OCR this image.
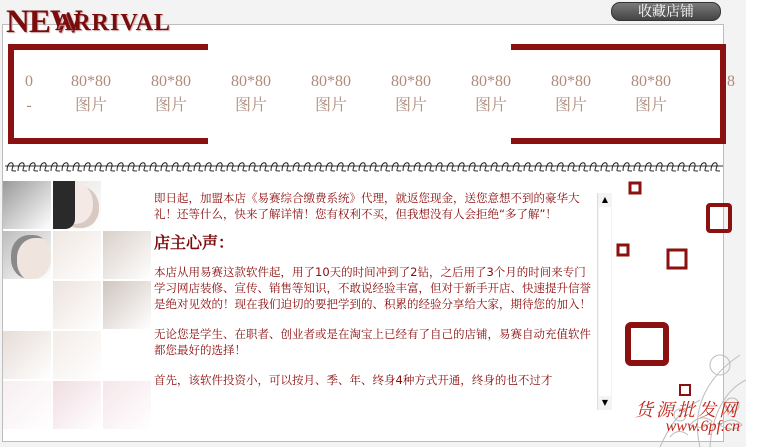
NEW
ARRIVAL	收藏店铺
0
-
80*80
图片
80*80
图片
80*80
图片
80*80
图片
80*80
图片
80*80
图片
80*80
图片
80*80
图片
8

即日起，加盟本店《易赛综合缴费系统》代理，就返您现金，送您意想不到的豪华大礼！还等什么，快来了解详情！您有权利不买，但我想没有人会拒绝“多了解”！

店主心声：

本店从用易赛这款软件起，用了10天的时间冲到了2钻，之后用了3个月的时间来专门学习网店装修、宣传、销售等知识，不敢说经验丰富，但对于新手开店、快速提升信誉是绝对见效的！现在我们迫切的要把学到的、积累的经验分享给大家，期待您的加入！

无论您是学生、在职者、创业者或是在淘宝上已经有了自己的店铺，易赛自动充值软件都您最好的选择！

首先，该软件投资小，可以按月、季、年、终身4种方式开通，终身的也不过才

▲
▼ 货源批发网
www.6pf.cn
